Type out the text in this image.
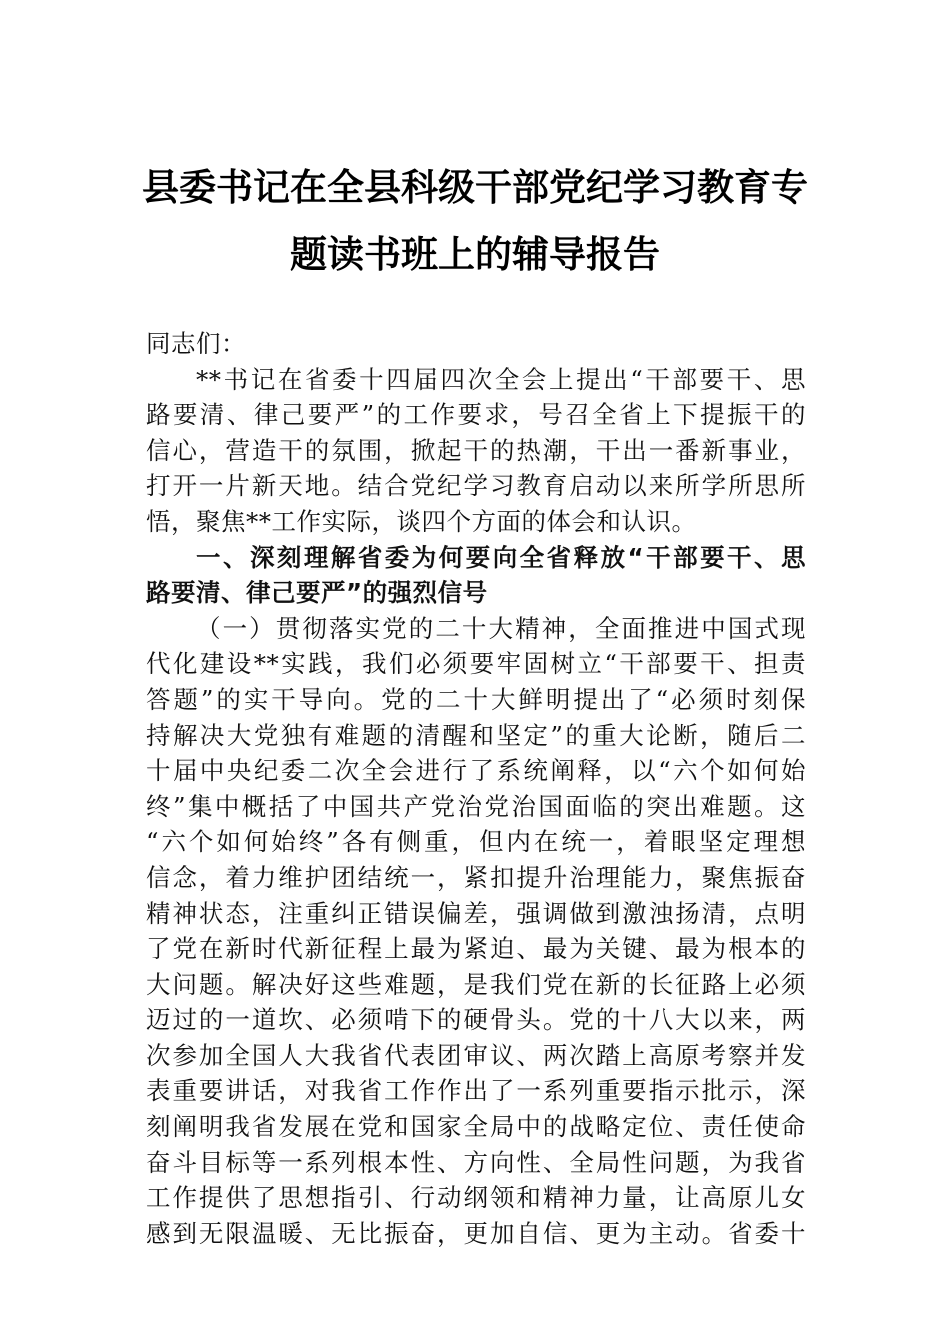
县委书记在全县科级干部党纪学习教育专
题读书班上的辅导报告
同志们：
**书记在省委十四届四次全会上提出“干部要干、思
路要清、律己要严”的工作要求，号召全省上下提振干的
信心，营造干的氛围，掀起干的热潮，干出一番新事业，
打开一片新天地。结合党纪学习教育启动以来所学所思所
悟，聚焦**工作实际，谈四个方面的体会和认识。
一、深刻理解省委为何要向全省释放“干部要干、思
路要清、律己要严”的强烈信号
（一）贯彻落实党的二十大精神，全面推进中国式现
代化建设**实践，我们必须要牢固树立“干部要干、担责
答题”的实干导向。党的二十大鲜明提出了“必须时刻保
持解决大党独有难题的清醒和坚定”的重大论断，随后二
十届中央纪委二次全会进行了系统阐释，以“六个如何始
终”集中概括了中国共产党治党治国面临的突出难题。这
“六个如何始终”各有侧重，但内在统一，着眼坚定理想
信念，着力维护团结统一，紧扣提升治理能力，聚焦振奋
精神状态，注重纠正错误偏差，强调做到激浊扬清，点明
了党在新时代新征程上最为紧迫、最为关键、最为根本的
大问题。解决好这些难题，是我们党在新的长征路上必须
迈过的一道坎、必须啃下的硬骨头。党的十八大以来，两
次参加全国人大我省代表团审议、两次踏上高原考察并发
表重要讲话，对我省工作作出了一系列重要指示批示，深
刻阐明我省发展在党和国家全局中的战略定位、责任使命
奋斗目标等一系列根本性、方向性、全局性问题，为我省
工作提供了思想指引、行动纲领和精神力量，让高原儿女
感到无限温暖、无比振奋，更加自信、更为主动。省委十
